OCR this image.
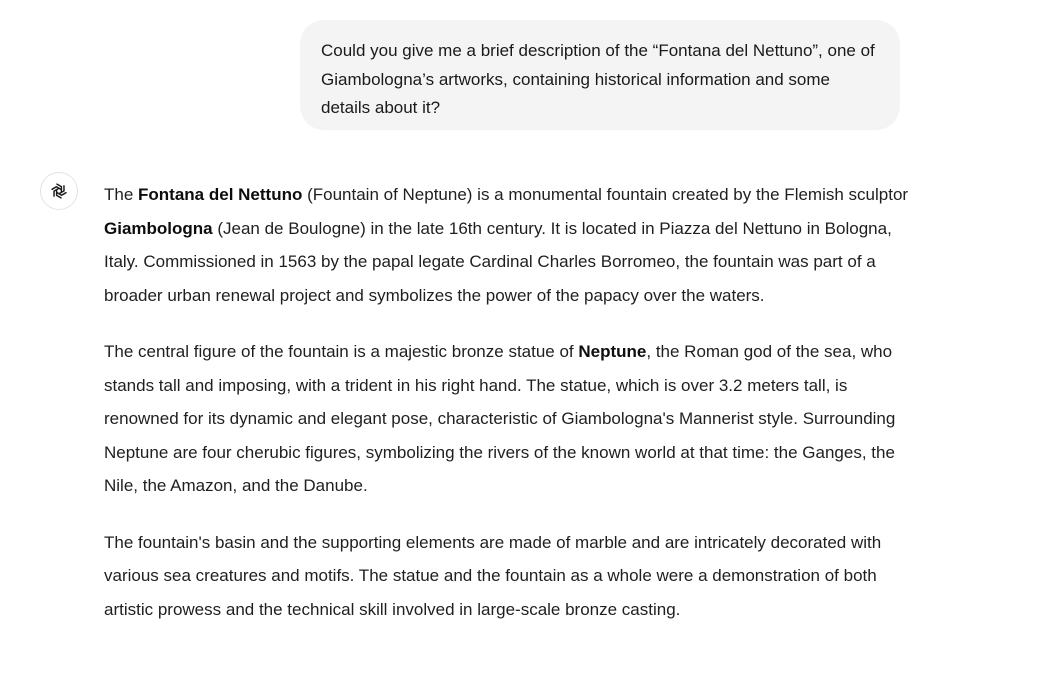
Could you give me a brief description of the “Fontana del Nettuno”, one of Giambologna’s artworks, containing historical information and some details about it?

The Fontana del Nettuno (Fountain of Neptune) is a monumental fountain created by the Flemish sculptor Giambologna (Jean de Boulogne) in the late 16th century. It is located in Piazza del Nettuno in Bologna, Italy. Commissioned in 1563 by the papal legate Cardinal Charles Borromeo, the fountain was part of a broader urban renewal project and symbolizes the power of the papacy over the waters.

The central figure of the fountain is a majestic bronze statue of Neptune, the Roman god of the sea, who stands tall and imposing, with a trident in his right hand. The statue, which is over 3.2 meters tall, is renowned for its dynamic and elegant pose, characteristic of Giambologna's Mannerist style. Surrounding Neptune are four cherubic figures, symbolizing the rivers of the known world at that time: the Ganges, the Nile, the Amazon, and the Danube.

The fountain's basin and the supporting elements are made of marble and are intricately decorated with various sea creatures and motifs. The statue and the fountain as a whole were a demonstration of both artistic prowess and the technical skill involved in large-scale bronze casting.
